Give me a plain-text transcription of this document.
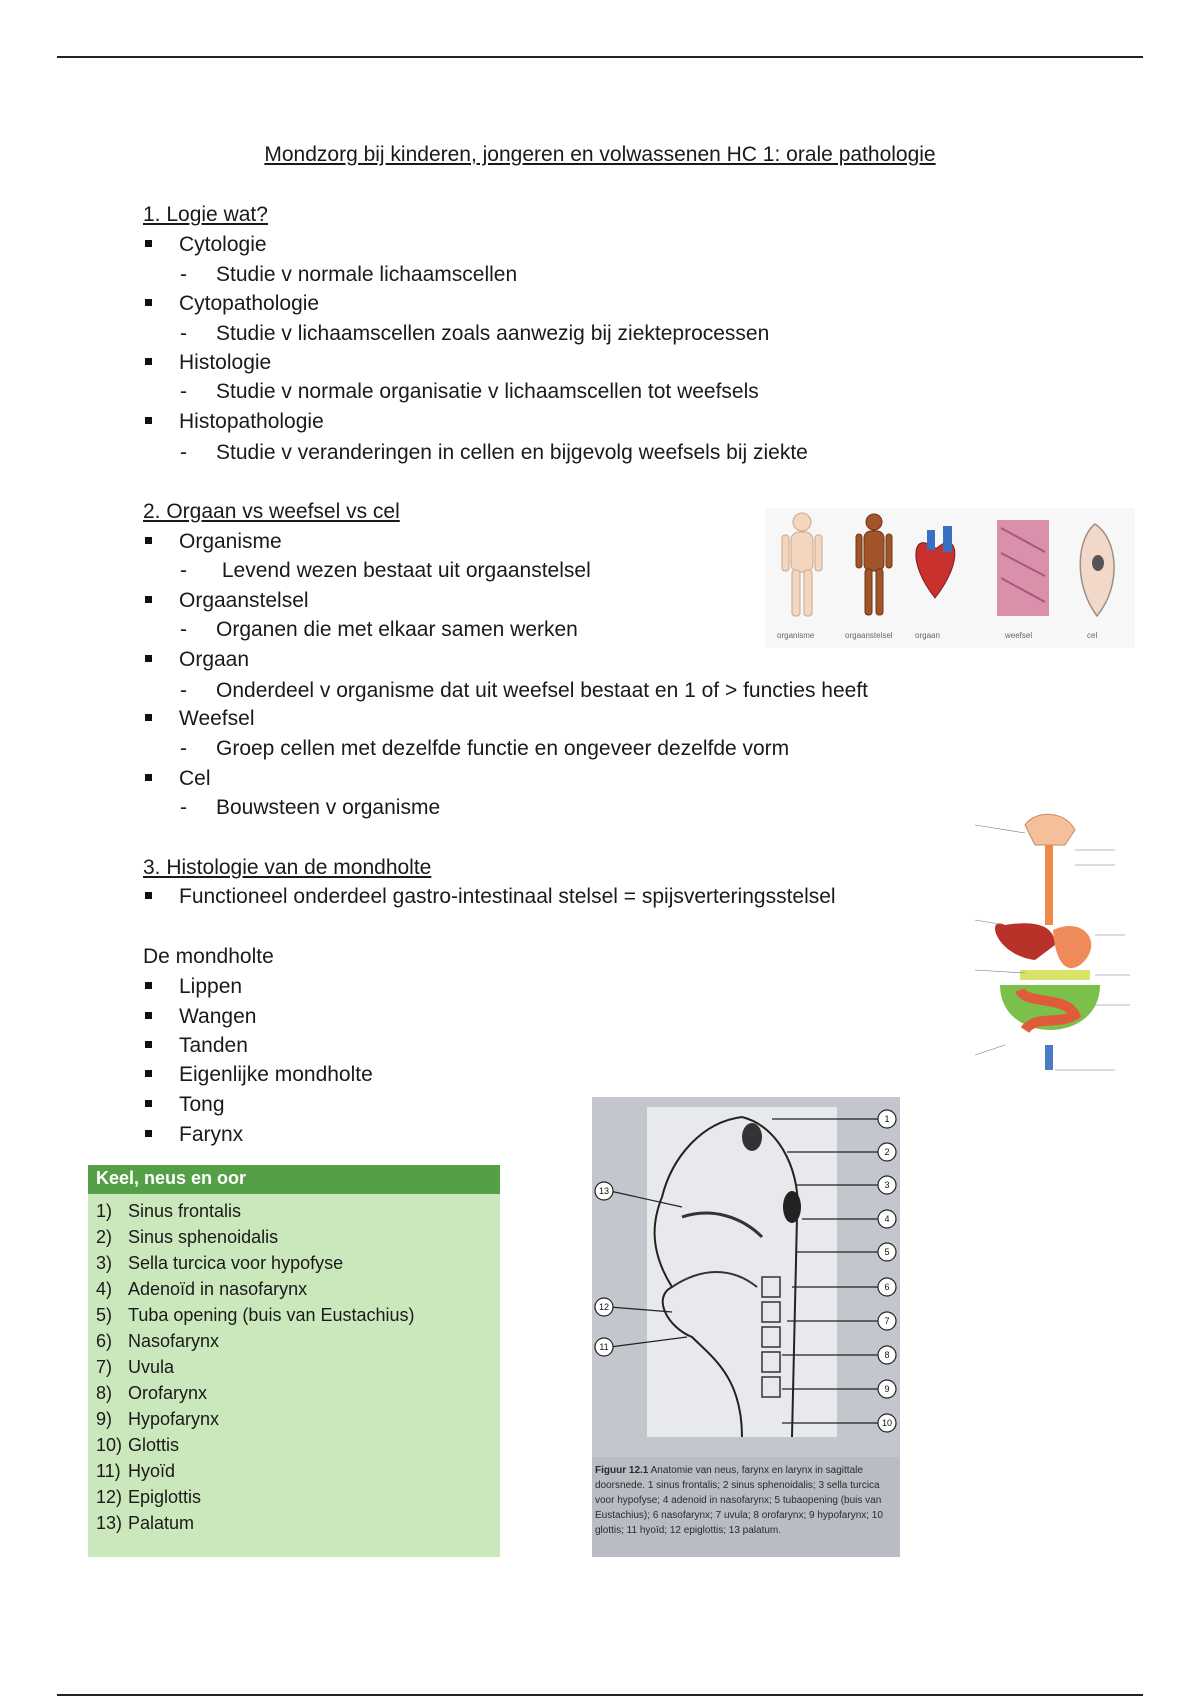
Mondzorg bij kinderen, jongeren en volwassenen HC 1: orale pathologie
1. Logie wat?
Cytologie
- Studie v normale lichaamscellen
Cytopathologie
- Studie v lichaamscellen zoals aanwezig bij ziekteprocessen
Histologie
- Studie v normale organisatie v lichaamscellen tot weefsels
Histopathologie
- Studie v veranderingen in cellen en bijgevolg weefsels bij ziekte
2. Orgaan vs weefsel vs cel
Organisme
- Levend wezen bestaat uit orgaanstelsel
Orgaanstelsel
- Organen die met elkaar samen werken
Orgaan
- Onderdeel v organisme dat uit weefsel bestaat en 1 of > functies heeft
Weefsel
- Groep cellen met dezelfde functie en ongeveer dezelfde vorm
Cel
- Bouwsteen v organisme
organisme	orgaanstelsel	orgaan	weefsel	cel
3. Histologie van de mondholte
Functioneel onderdeel gastro-intestinaal stelsel = spijsverteringsstelsel
De mondholte
Lippen
Wangen
Tanden
Eigenlijke mondholte
Tong
Farynx
Keel, neus en oor
1) Sinus frontalis
2) Sinus sphenoidalis
3) Sella turcica voor hypofyse
4) Adenoïd in nasofarynx
5) Tuba opening (buis van Eustachius)
6) Nasofarynx
7) Uvula
8) Orofarynx
9) Hypofarynx
10) Glottis
11) Hyoïd
12) Epiglottis
13) Palatum
1
2
3
4
5
6
7
8
9
10
11
12
13
Figuur 12.1 Anatomie van neus, farynx en larynx in sagittale doorsnede. 1 sinus frontalis; 2 sinus sphenoidalis; 3 sella turcica voor hypofyse; 4 adenoid in nasofarynx; 5 tubaopening (buis van Eustachius); 6 nasofarynx; 7 uvula; 8 orofarynx; 9 hypofarynx; 10 glottis; 11 hyoïd; 12 epiglottis; 13 palatum.
